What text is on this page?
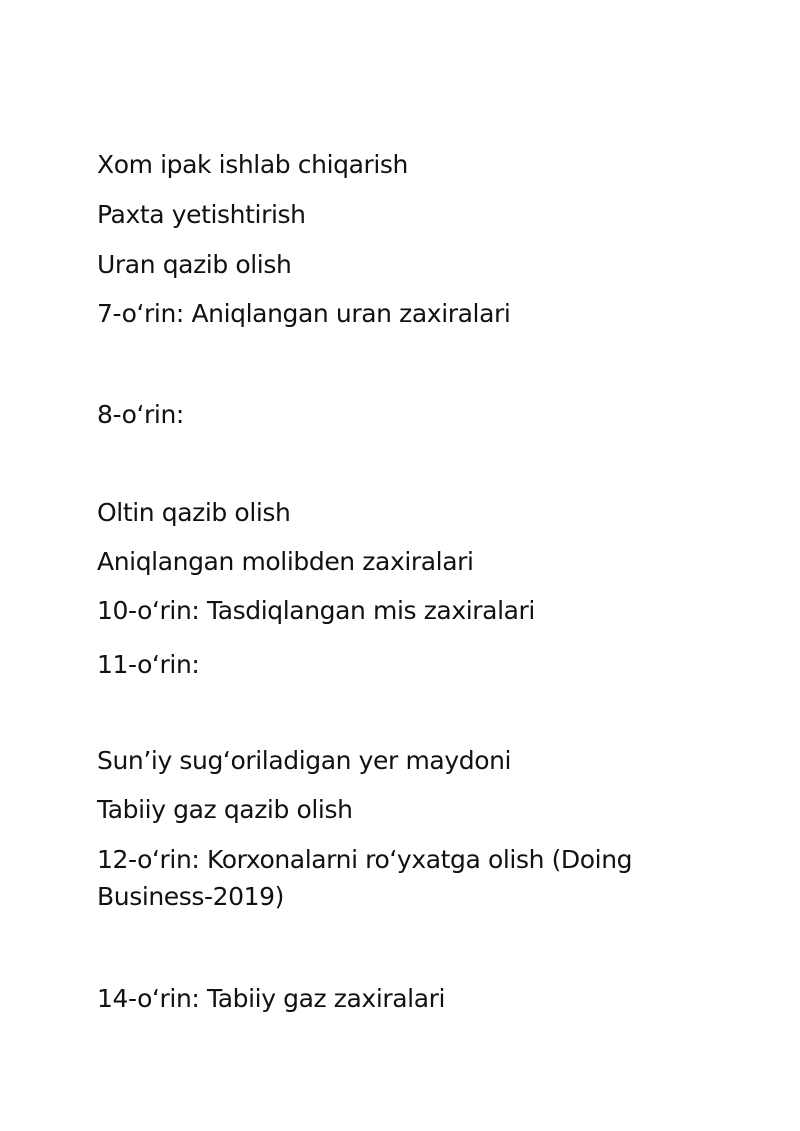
Xom ipak ishlab chiqarish
Paxta yetishtirish
Uran qazib olish
7-o‘rin: Aniqlangan uran zaxiralari
8-o‘rin:
Oltin qazib olish
Aniqlangan molibden zaxiralari
10-o‘rin: Tasdiqlangan mis zaxiralari
11-o‘rin:
Sun’iy sug‘oriladigan yer maydoni
Tabiiy gaz qazib olish
12-o‘rin: Korxonalarni ro‘yxatga olish (Doing Business-2019)
14-o‘rin: Tabiiy gaz zaxiralari
